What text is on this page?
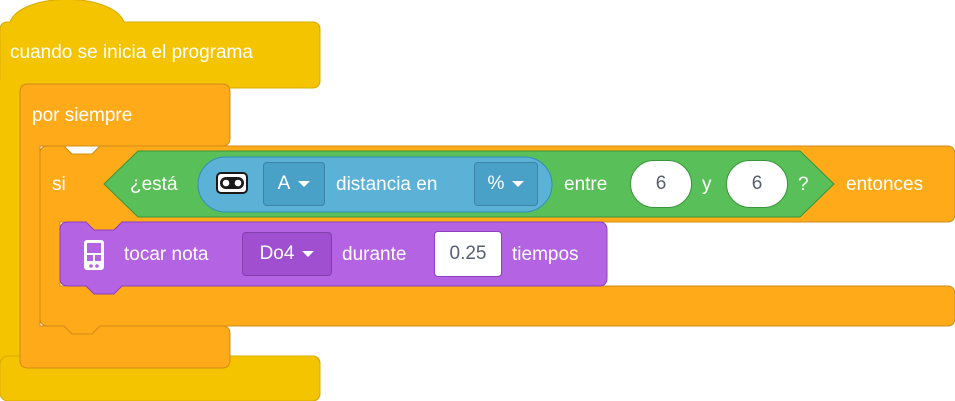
cuando se inicia el programa
por siempre
si	¿está	A distancia en	%	entre	6	y	6	? entonces
tocar nota	Do4	durante	0.25	tiempos
